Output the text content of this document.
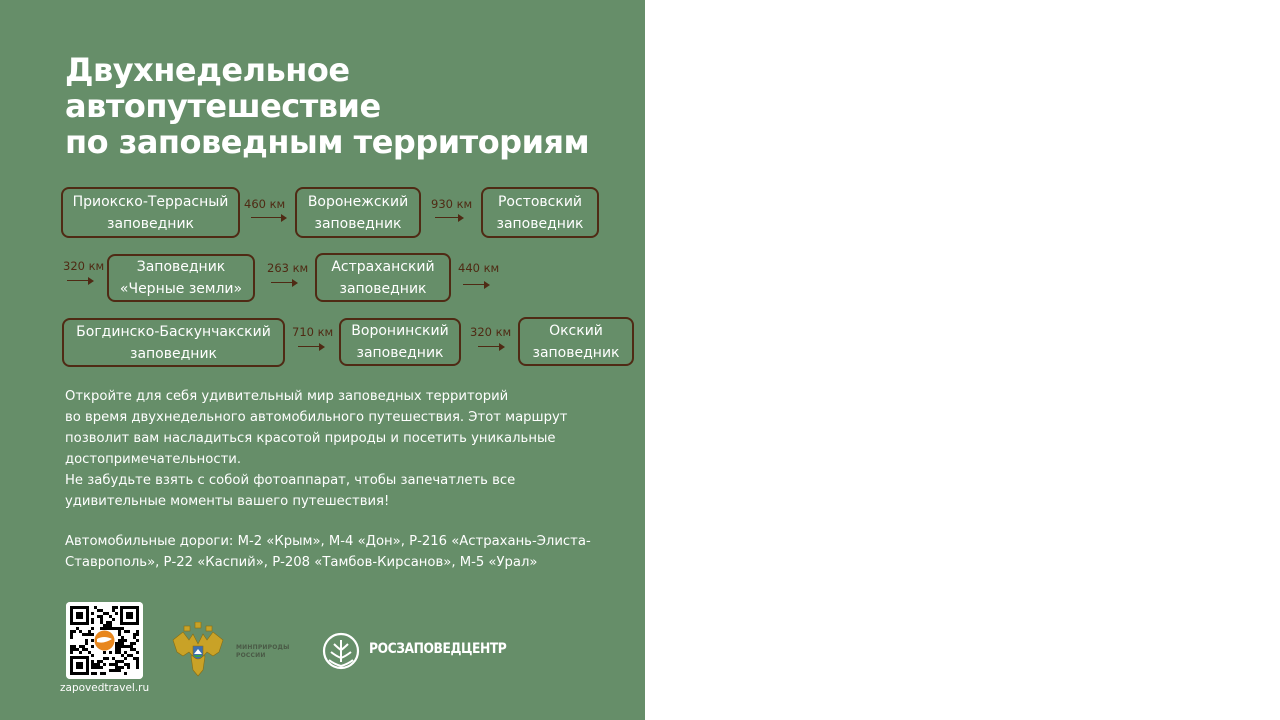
Двухнедельное
автопутешествие
по заповедным территориям
Приокско-Террасный
заповедник
460 км Воронежский
заповедник
930 км Ростовский
заповедник
320 км Заповедник
«Черные земли»
263 км Астраханский
заповедник
440 км
Богдинско-Баскунчакский
заповедник
710 км Воронинский
заповедник
320 км	Окский
заповедник

Откройте для себя удивительный мир заповедных территорий

во время двухнедельного автомобильного путешествия. Этот маршрут

позволит вам насладиться красотой природы и посетить уникальные

достопримечательности.

Не забудьте взять с собой фотоаппарат, чтобы запечатлеть все

удивительные моменты вашего путешествия!

Автомобильные дороги: М-2 «Крым», М-4 «Дон», Р-216 «Астрахань-Элиста-

Ставрополь», Р-22 «Каспий», Р-208 «Тамбов-Кирсанов», М-5 «Урал»

zapovedtravel.ru
МИНПРИРОДЫ
РОССИИ	РОСЗАПОВЕДЦЕНТР
